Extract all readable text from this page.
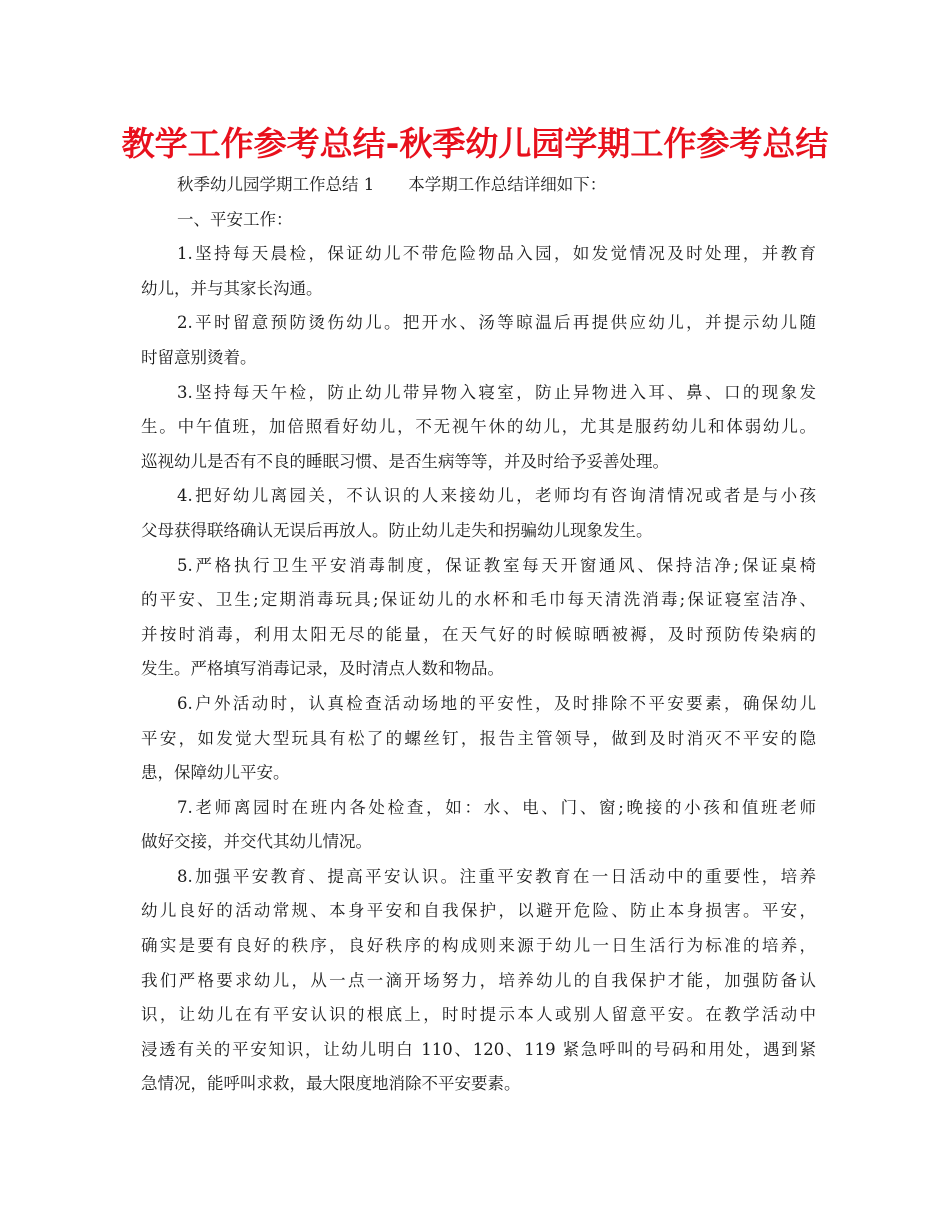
教学工作参考总结-秋季幼儿园学期工作参考总结
秋季幼儿园学期工作总结 1 本学期工作总结详细如下：
一、平安工作：
1.坚持每天晨检，保证幼儿不带危险物品入园，如发觉情况及时处理，并教育
幼儿，并与其家长沟通。
2.平时留意预防烫伤幼儿。把开水、汤等晾温后再提供应幼儿，并提示幼儿随
时留意别烫着。
3.坚持每天午检，防止幼儿带异物入寝室，防止异物进入耳、鼻、口的现象发
生。中午值班，加倍照看好幼儿，不无视午休的幼儿，尤其是服药幼儿和体弱幼儿。
巡视幼儿是否有不良的睡眠习惯、是否生病等等，并及时给予妥善处理。
4.把好幼儿离园关，不认识的人来接幼儿，老师均有咨询清情况或者是与小孩
父母获得联络确认无误后再放人。防止幼儿走失和拐骗幼儿现象发生。
5.严格执行卫生平安消毒制度，保证教室每天开窗通风、保持洁净;保证桌椅
的平安、卫生;定期消毒玩具;保证幼儿的水杯和毛巾每天清洗消毒;保证寝室洁净、
并按时消毒，利用太阳无尽的能量，在天气好的时候晾晒被褥，及时预防传染病的
发生。严格填写消毒记录，及时清点人数和物品。
6.户外活动时，认真检查活动场地的平安性，及时排除不平安要素，确保幼儿
平安，如发觉大型玩具有松了的螺丝钉，报告主管领导，做到及时消灭不平安的隐
患，保障幼儿平安。
7.老师离园时在班内各处检查，如：水、电、门、窗;晚接的小孩和值班老师
做好交接，并交代其幼儿情况。
8.加强平安教育、提高平安认识。注重平安教育在一日活动中的重要性，培养
幼儿良好的活动常规、本身平安和自我保护，以避开危险、防止本身损害。平安，
确实是要有良好的秩序，良好秩序的构成则来源于幼儿一日生活行为标准的培养，
我们严格要求幼儿，从一点一滴开场努力，培养幼儿的自我保护才能，加强防备认
识，让幼儿在有平安认识的根底上，时时提示本人或别人留意平安。在教学活动中
浸透有关的平安知识，让幼儿明白 110、120、119 紧急呼叫的号码和用处，遇到紧
急情况，能呼叫求救，最大限度地消除不平安要素。
